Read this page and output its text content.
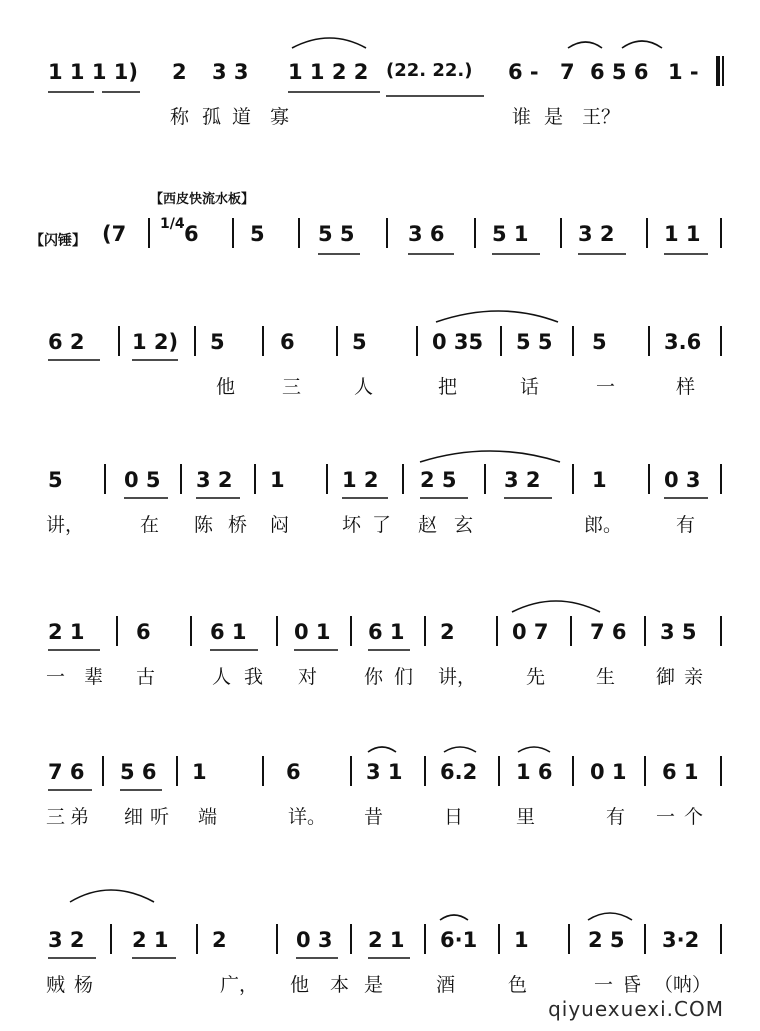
1 1 1 1) 2 3 3 1 1 2 2 (22. 22.) 6 - 7 6 5 6 1 -
称 孤 道 寡	谁 是 王？
【西皮快流水板】
【闪锤】 (7 1/4 6 5	5 5	3 6 5 1 3 2 1 1
6 2 1 2) 5	6	5	0 35 5 5 5	3.6
他 三	人	把	话	一	样
5	0 5 3 2 1	1 2 2 5 3 2 1	0 3
讲，	在 陈 桥 闷	坏 了 赵 玄	郎。	有
2 1 6	6 1 0 1 6 1 2	0 7 7 6 3 5
一 辈 古	人 我 对 你 们 讲，	先	生 御 亲
7 6 5 6 1	6	3 1 6.2 1 6 0 1 6 1
三 弟 细 听 端	详。 昔	日	里	有 一 个
3 2 2 1 2	0 3 2 1 6·1 1	2 5 3·2
贼 杨	广， 他 本 是	酒	色	一 昏 （呐）
qiyuexuexi.COM
